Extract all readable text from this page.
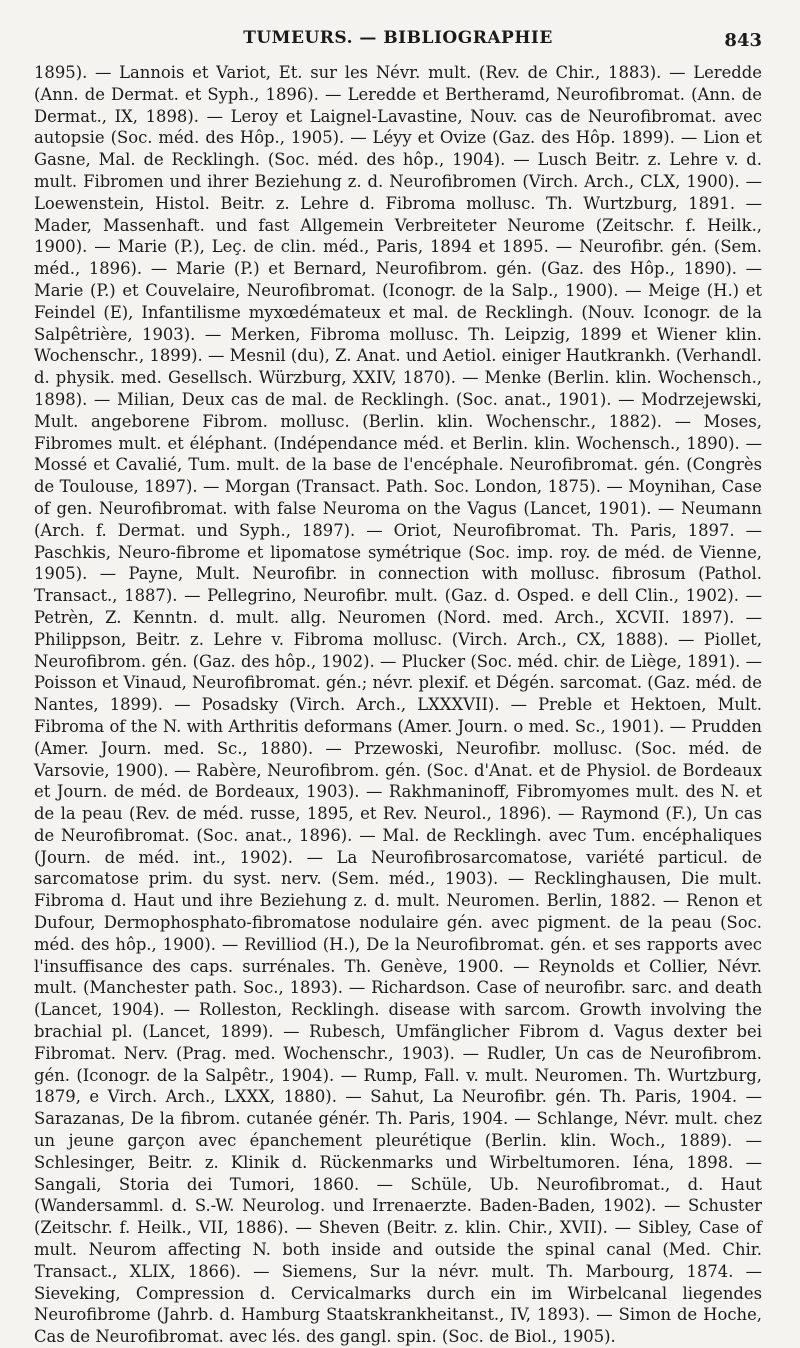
TUMEURS. — BIBLIOGRAPHIE	843

1895). — Lannois et Variot, Et. sur les Névr. mult. (Rev. de Chir., 1883). — Leredde (Ann. de Dermat. et Syph., 1896). — Leredde et Bertheramd, Neurofibromat. (Ann. de Dermat., IX, 1898). — Leroy et Laignel-Lavastine, Nouv. cas de Neurofibromat. avec autopsie (Soc. méd. des Hôp., 1905). — Léyy et Ovize (Gaz. des Hôp. 1899). — Lion et Gasne, Mal. de Recklingh. (Soc. méd. des hôp., 1904). — Lusch Beitr. z. Lehre v. d. mult. Fibromen und ihrer Beziehung z. d. Neurofibromen (Virch. Arch., CLX, 1900). — Loewenstein, Histol. Beitr. z. Lehre d. Fibroma mollusc. Th. Wurtzburg, 1891. — Mader, Massenhaft. und fast Allgemein Verbreiteter Neurome (Zeitschr. f. Heilk., 1900). — Marie (P.), Leç. de clin. méd., Paris, 1894 et 1895. — Neurofibr. gén. (Sem. méd., 1896). — Marie (P.) et Bernard, Neurofibrom. gén. (Gaz. des Hôp., 1890). — Marie (P.) et Couvelaire, Neurofibromat. (Iconogr. de la Salp., 1900). — Meige (H.) et Feindel (E), Infantilisme myxœdémateux et mal. de Recklingh. (Nouv. Iconogr. de la Salpêtrière, 1903). — Merken, Fibroma mollusc. Th. Leipzig, 1899 et Wiener klin. Wochenschr., 1899). — Mesnil (du), Z. Anat. und Aetiol. einiger Hautkrankh. (Verhandl. d. physik. med. Gesellsch. Würzburg, XXIV, 1870). — Menke (Berlin. klin. Wochensch., 1898). — Milian, Deux cas de mal. de Recklingh. (Soc. anat., 1901). — Modrzejewski, Mult. angeborene Fibrom. mollusc. (Berlin. klin. Wochenschr., 1882). — Moses, Fibromes mult. et éléphant. (Indépendance méd. et Berlin. klin. Wochensch., 1890). — Mossé et Cavalié, Tum. mult. de la base de l'encéphale. Neurofibromat. gén. (Congrès de Toulouse, 1897). — Morgan (Transact. Path. Soc. London, 1875). — Moynihan, Case of gen. Neurofibromat. with false Neuroma on the Vagus (Lancet, 1901). — Neumann (Arch. f. Dermat. und Syph., 1897). — Oriot, Neurofibromat. Th. Paris, 1897. — Paschkis, Neuro-fibrome et lipomatose symétrique (Soc. imp. roy. de méd. de Vienne, 1905). — Payne, Mult. Neurofibr. in connection with mollusc. fibrosum (Pathol. Transact., 1887). — Pellegrino, Neurofibr. mult. (Gaz. d. Osped. e dell Clin., 1902). — Petrèn, Z. Kenntn. d. mult. allg. Neuromen (Nord. med. Arch., XCVII. 1897). — Philippson, Beitr. z. Lehre v. Fibroma mollusc. (Virch. Arch., CX, 1888). — Piollet, Neurofibrom. gén. (Gaz. des hôp., 1902). — Plucker (Soc. méd. chir. de Liège, 1891). — Poisson et Vinaud, Neurofibromat. gén.; névr. plexif. et Dégén. sarcomat. (Gaz. méd. de Nantes, 1899). — Posadsky (Virch. Arch., LXXXVII). — Preble et Hektoen, Mult. Fibroma of the N. with Arthritis deformans (Amer. Journ. o med. Sc., 1901). — Prudden (Amer. Journ. med. Sc., 1880). — Przewoski, Neurofibr. mollusc. (Soc. méd. de Varsovie, 1900). — Rabère, Neurofibrom. gén. (Soc. d'Anat. et de Physiol. de Bordeaux et Journ. de méd. de Bordeaux, 1903). — Rakhmaninoff, Fibromyomes mult. des N. et de la peau (Rev. de méd. russe, 1895, et Rev. Neurol., 1896). — Raymond (F.), Un cas de Neurofibromat. (Soc. anat., 1896). — Mal. de Recklingh. avec Tum. encéphaliques (Journ. de méd. int., 1902). — La Neurofibrosarcomatose, variété particul. de sarcomatose prim. du syst. nerv. (Sem. méd., 1903). — Recklinghausen, Die mult. Fibroma d. Haut und ihre Beziehung z. d. mult. Neuromen. Berlin, 1882. — Renon et Dufour, Dermophosphato-fibromatose nodulaire gén. avec pigment. de la peau (Soc. méd. des hôp., 1900). — Revilliod (H.), De la Neurofibromat. gén. et ses rapports avec l'insuffisance des caps. surrénales. Th. Genève, 1900. — Reynolds et Collier, Névr. mult. (Manchester path. Soc., 1893). — Richardson. Case of neurofibr. sarc. and death (Lancet, 1904). — Rolleston, Recklingh. disease with sarcom. Growth involving the brachial pl. (Lancet, 1899). — Rubesch, Umfänglicher Fibrom d. Vagus dexter bei Fibromat. Nerv. (Prag. med. Wochenschr., 1903). — Rudler, Un cas de Neurofibrom. gén. (Iconogr. de la Salpêtr., 1904). — Rump, Fall. v. mult. Neuromen. Th. Wurtzburg, 1879, e Virch. Arch., LXXX, 1880). — Sahut, La Neurofibr. gén. Th. Paris, 1904. — Sarazanas, De la fibrom. cutanée génér. Th. Paris, 1904. — Schlange, Névr. mult. chez un jeune garçon avec épanchement pleurétique (Berlin. klin. Woch., 1889). — Schlesinger, Beitr. z. Klinik d. Rückenmarks und Wirbeltumoren. Iéna, 1898. — Sangali, Storia dei Tumori, 1860. — Schüle, Ub. Neurofibromat., d. Haut (Wandersamml. d. S.-W. Neurolog. und Irrenaerzte. Baden-Baden, 1902). — Schuster (Zeitschr. f. Heilk., VII, 1886). — Sheven (Beitr. z. klin. Chir., XVII). — Sibley, Case of mult. Neurom affecting N. both inside and outside the spinal canal (Med. Chir. Transact., XLIX, 1866). — Siemens, Sur la névr. mult. Th. Marbourg, 1874. — Sieveking, Compression d. Cervicalmarks durch ein im Wirbelcanal liegendes Neurofibrome (Jahrb. d. Hamburg Staatskrankheitanst., IV, 1893). — Simon de Hoche, Cas de Neurofibromat. avec lés. des gangl. spin. (Soc. de Biol., 1905).
